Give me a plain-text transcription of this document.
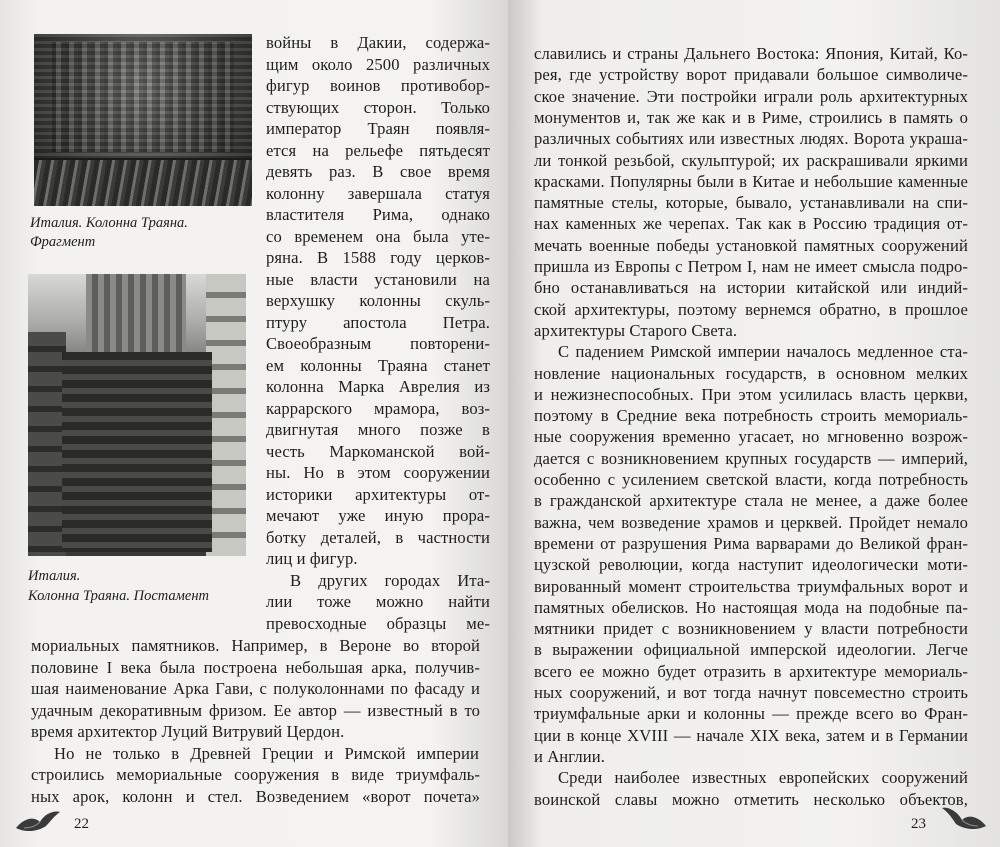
Италия. Колонна Траяна.
Фрагмент
Италия.
Колонна Траяна. Постамент
войны в Дакии, содержа-
щим около 2500 различных
фигур воинов противобор-
ствующих сторон. Только
император Траян появля-
ется на рельефе пятьдесят
девять раз. В свое время
колонну завершала статуя
властителя Рима, однако
со временем она была уте-
ряна. В 1588 году церков-
ные власти установили на
верхушку колонны скуль-
птуру апостола Петра.
Своеобразным повторени-
ем колонны Траяна станет
колонна Марка Аврелия из
каррарского мрамора, воз-
двигнутая много позже в
честь Маркоманской вой-
ны. Но в этом сооружении
историки архитектуры от-
мечают уже иную прора-
ботку деталей, в частности
лиц и фигур.
В других городах Ита-
лии тоже можно найти
превосходные образцы ме-
мориальных памятников. Например, в Вероне во второй
половине I века была построена небольшая арка, получив-
шая наименование Арка Гави, с полуколоннами по фасаду и
удачным декоративным фризом. Ее автор — известный в то
время архитектор Луций Витрувий Цердон.
Но не только в Древней Греции и Римской империи
строились мемориальные сооружения в виде триумфаль-
ных арок, колонн и стел. Возведением «ворот почета»
22
славились и страны Дальнего Востока: Япония, Китай, Ко-
рея, где устройству ворот придавали большое символиче-
ское значение. Эти постройки играли роль архитектурных
монументов и, так же как и в Риме, строились в память о
различных событиях или известных людях. Ворота украша-
ли тонкой резьбой, скульптурой; их раскрашивали яркими
красками. Популярны были в Китае и небольшие каменные
памятные стелы, которые, бывало, устанавливали на спи-
нах каменных же черепах. Так как в Россию традиция от-
мечать военные победы установкой памятных сооружений
пришла из Европы с Петром I, нам не имеет смысла подро-
бно останавливаться на истории китайской или индий-
ской архитектуры, поэтому вернемся обратно, в прошлое
архитектуры Старого Света.
С падением Римской империи началось медленное ста-
новление национальных государств, в основном мелких
и нежизнеспособных. При этом усилилась власть церкви,
поэтому в Средние века потребность строить мемориаль-
ные сооружения временно угасает, но мгновенно возрож-
дается с возникновением крупных государств — империй,
особенно с усилением светской власти, когда потребность
в гражданской архитектуре стала не менее, а даже более
важна, чем возведение храмов и церквей. Пройдет немало
времени от разрушения Рима варварами до Великой фран-
цузской революции, когда наступит идеологически моти-
вированный момент строительства триумфальных ворот и
памятных обелисков. Но настоящая мода на подобные па-
мятники придет с возникновением у власти потребности
в выражении официальной имперской идеологии. Легче
всего ее можно будет отразить в архитектуре мемориаль-
ных сооружений, и вот тогда начнут повсеместно строить
триумфальные арки и колонны — прежде всего во Фран-
ции в конце XVIII — начале XIX века, затем и в Германии
и Англии.
Среди наиболее известных европейских сооружений
воинской славы можно отметить несколько объектов,
23
